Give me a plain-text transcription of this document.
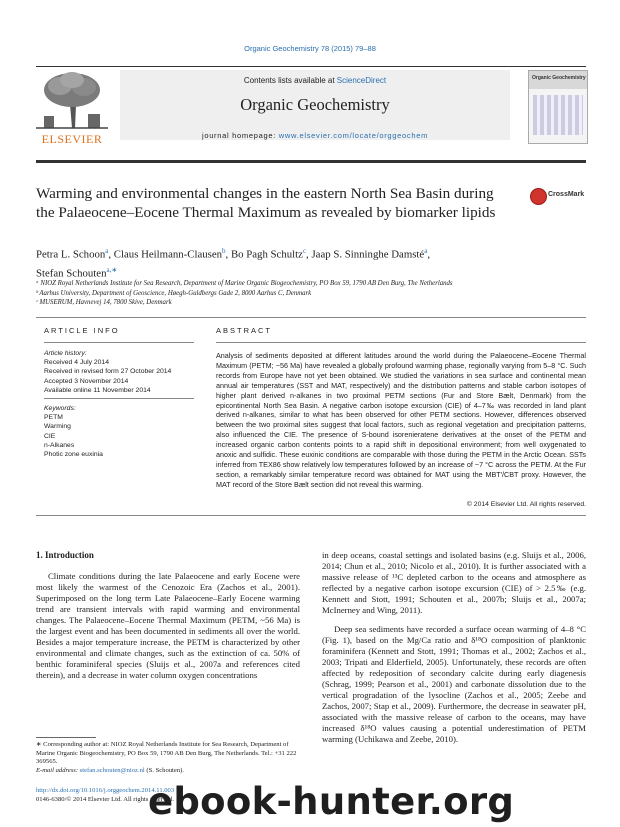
Organic Geochemistry 78 (2015) 79–88
ELSEVIER
Contents lists available at ScienceDirect
Organic Geochemistry
journal homepage: www.elsevier.com/locate/orggeochem
Organic Geochemistry
Warming and environmental changes in the eastern North Sea Basin during the Palaeocene–Eocene Thermal Maximum as revealed by biomarker lipids
CrossMark
Petra L. Schoon$^a$, Claus Heilmann-Clausen$^b$, Bo Pagh Schultz$^c$, Jaap S. Sinninghe Damsté$^a$,
Stefan Schouten$^{a,∗}$
ᵃ NIOZ Royal Netherlands Institute for Sea Research, Department of Marine Organic Biogeochemistry, PO Box 59, 1790 AB Den Burg, The Netherlands
ᵇ Aarhus University, Department of Geoscience, Høegh-Guldbergs Gade 2, 8000 Aarhus C, Denmark
ᶜ MUSERUM, Havnevej 14, 7800 Skive, Denmark
ARTICLE INFO	ABSTRACT
Article history:
Received 4 July 2014
Received in revised form 27 October 2014
Accepted 3 November 2014
Available online 11 November 2014
Keywords:
PETM
Warming
CIE
n-Alkanes
Photic zone euxinia
Analysis of sediments deposited at different latitudes around the world during the Palaeocene–Eocene Thermal Maximum (PETM; ~56 Ma) have revealed a globally profound warming phase, regionally varying from 5–8 °C. Such records from Europe have not yet been obtained. We studied the variations in sea surface and continental mean annual air temperatures (SST and MAT, respectively) and the distribution patterns and stable carbon isotopes of higher plant derived n-alkanes in two proximal PETM sections (Fur and Store Bælt, Denmark) from the epicontinental North Sea Basin. A negative carbon isotope excursion (CIE) of 4–7‰ was recorded in land plant derived n-alkanes, similar to what has been observed for other PETM sections. However, differences observed between the two proximal sites suggest that local factors, such as regional vegetation and precipitation patterns, also influenced the CIE. The presence of S-bound isorenieratene derivatives at the onset of the PETM and increased organic carbon contents points to a rapid shift in depositional environment; from well oxygenated to anoxic and sulfidic. These euxinic conditions are comparable with those during the PETM in the Arctic Ocean. SSTs inferred from TEX86 show relatively low temperatures followed by an increase of ~7 °C across the PETM. At the Fur section, a remarkably similar temperature record was obtained for MAT using the MBT′/CBT proxy. However, the MAT record of the Store Bælt section did not reveal this warming.
© 2014 Elsevier Ltd. All rights reserved.
1. Introduction

Climate conditions during the late Palaeocene and early Eocene were most likely the warmest of the Cenozoic Era (Zachos et al., 2001). Superimposed on the long term Late Palaeocene–Early Eocene warming trend are transient intervals with rapid warming and environmental changes. The Palaeocene–Eocene Thermal Maximum (PETM, ~56 Ma) is the largest event and has been documented in sediments all over the world. Besides a major temperature increase, the PETM is characterized by other environmental and climate changes, such as the extinction of ca. 50% of benthic foraminiferal species (Sluijs et al., 2007a and references cited therein), and a decrease in water column oxygen concentrations

in deep oceans, coastal settings and isolated basins (e.g. Sluijs et al., 2006, 2014; Chun et al., 2010; Nicolo et al., 2010). It is further associated with a massive release of ¹³C depleted carbon to the oceans and atmosphere as reflected by a negative carbon isotope excursion (CIE) of > 2.5‰ (e.g. Kennett and Stott, 1991; Schouten et al., 2007b; Sluijs et al., 2007a; McInerney and Wing, 2011).

Deep sea sediments have recorded a surface ocean warming of 4–8 °C (Fig. 1), based on the Mg/Ca ratio and δ¹⁸O composition of planktonic foraminifera (Kennett and Stott, 1991; Thomas et al., 2002; Zachos et al., 2003; Tripati and Elderfield, 2005). Unfortunately, these records are often affected by redeposition of secondary calcite during early diagenesis (Schrag, 1999; Pearson et al., 2001) and carbonate dissolution due to the vertical progradation of the lysocline (Zachos et al., 2005; Zeebe and Zachos, 2007; Stap et al., 2009). Furthermore, the decrease in seawater pH, associated with the massive release of carbon to the oceans, may have increased δ¹⁸O values causing a potential underestimation of PETM warming (Uchikawa and Zeebe, 2010).

∗ Corresponding author at: NIOZ Royal Netherlands Institute for Sea Research, Department of Marine Organic Biogeochemistry, PO Box 59, 1790 AB Den Burg, The Netherlands. Tel.: +31 222 369565.
E-mail address: stefan.schouten@nioz.nl (S. Schouten).
http://dx.doi.org/10.1016/j.orggeochem.2014.11.003
0146-6380/© 2014 Elsevier Ltd. All rights reserved.
ebook-hunter.org
